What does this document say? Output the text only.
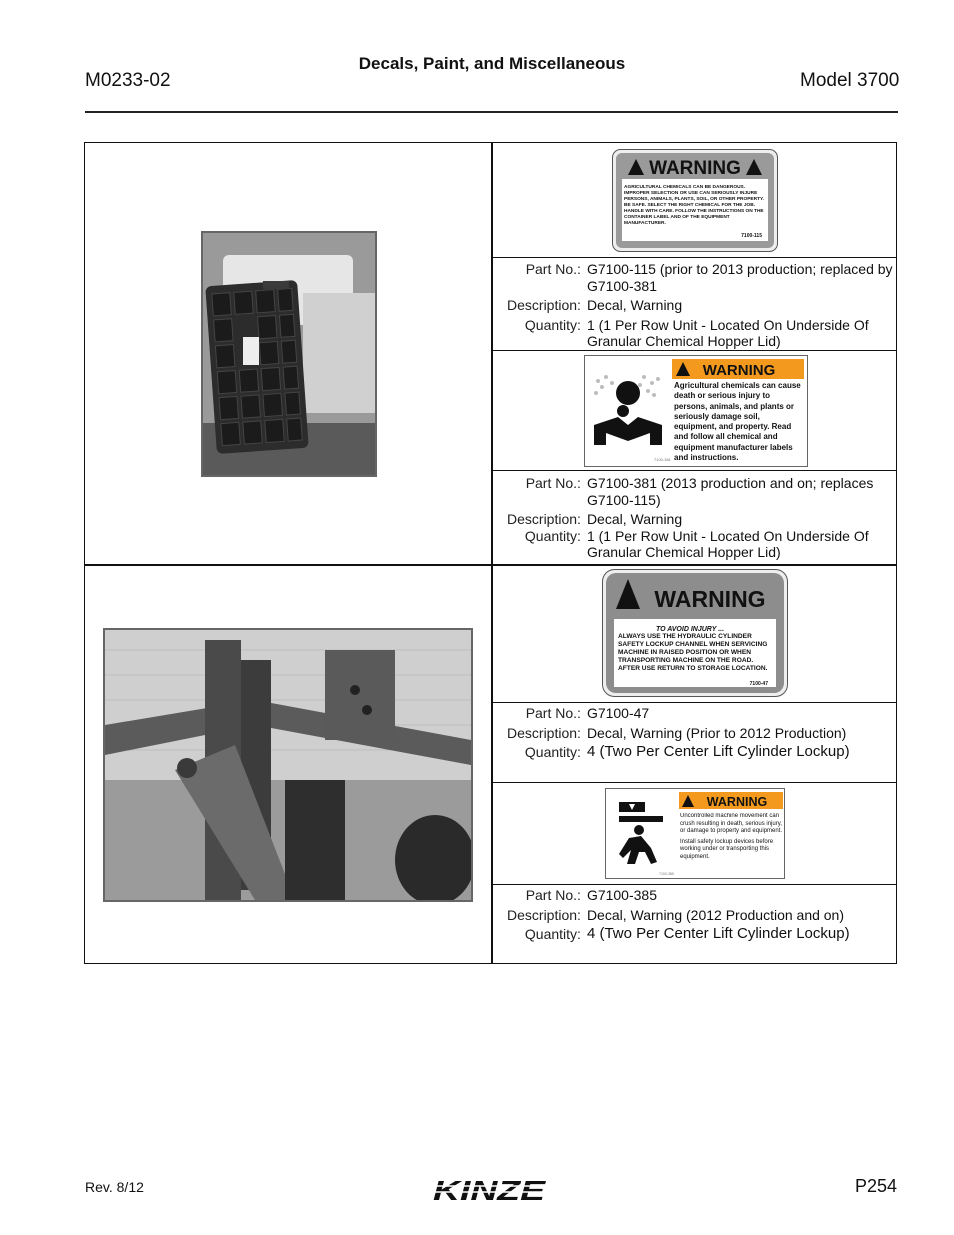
M0233-02
Decals, Paint, and Miscellaneous
Model 3700
WARNING
AGRICULTURAL CHEMICALS CAN BE DANGEROUS. IMPROPER SELECTION OR USE CAN SERIOUSLY INJURE PERSONS, ANIMALS, PLANTS, SOIL, OR OTHER PROPERTY. BE SAFE. SELECT THE RIGHT CHEMICAL FOR THE JOB. HANDLE WITH CARE. FOLLOW THE INSTRUCTIONS ON THE CONTAINER LABEL AND OF THE EQUIPMENT MANUFACTURER.
7100-115
Part No.:	G7100-115 (prior to 2013 production; replaced by G7100-381
Description:	Decal, Warning
Quantity:	1 (1 Per Row Unit - Located On Underside Of Granular Chemical Hopper Lid)
7100-381
WARNING
Agricultural chemicals can cause death or serious injury to persons, animals, and plants or seriously damage soil, equipment, and property. Read and follow all chemical and equipment manufacturer labels and instructions.
Part No.:	G7100-381 (2013 production and on; replaces G7100-115)
Description:	Decal, Warning
Quantity:	1 (1 Per Row Unit - Located On Underside Of Granular Chemical Hopper Lid)
WARNING
TO AVOID INJURY ...
ALWAYS USE THE HYDRAULIC CYLINDER SAFETY LOCKUP CHANNEL WHEN SERVICING MACHINE IN RAISED POSITION OR WHEN TRANSPORTING MACHINE ON THE ROAD. AFTER USE RETURN TO STORAGE LOCATION.
7100-47
Part No.:	G7100-47
Description:	Decal, Warning (Prior to 2012 Production)
Quantity:	4 (Two Per Center Lift Cylinder Lockup)
7100-385
WARNING
Uncontrolled machine movement can crush resulting in death, serious injury, or damage to property and equipment.
Install safety lockup devices before working under or transporting this equipment.
Part No.:	G7100-385
Description:	Decal, Warning (2012 Production and on)
Quantity:	4 (Two Per Center Lift Cylinder Lockup)
Rev. 8/12	KINZE	P254
